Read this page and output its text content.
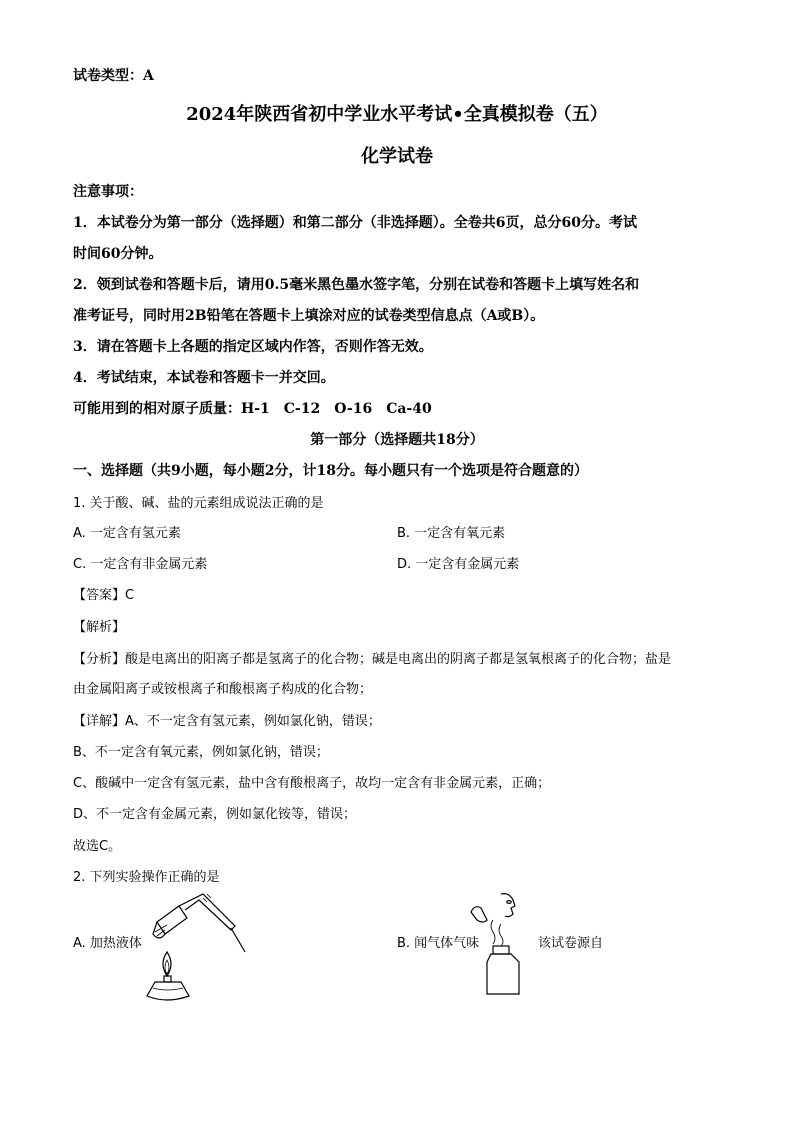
试卷类型：A
2024年陕西省初中学业水平考试•全真模拟卷（五）
化学试卷
注意事项：
1．本试卷分为第一部分（选择题）和第二部分（非选择题）。全卷共6页，总分60分。考试
时间60分钟。
2．领到试卷和答题卡后，请用0.5毫米黑色墨水签字笔，分别在试卷和答题卡上填写姓名和
准考证号，同时用2B铅笔在答题卡上填涂对应的试卷类型信息点（A或B）。
3．请在答题卡上各题的指定区域内作答，否则作答无效。
4．考试结束，本试卷和答题卡一并交回。
可能用到的相对原子质量：H-1　C-12　O-16　Ca-40
第一部分（选择题共18分）
一、选择题（共9小题，每小题2分，计18分。每小题只有一个选项是符合题意的）
1. 关于酸、碱、盐的元素组成说法正确的是
A. 一定含有氢元素	B. 一定含有氧元素
C. 一定含有非金属元素	D. 一定含有金属元素
【答案】C
【解析】
【分析】酸是电离出的阳离子都是氢离子的化合物；碱是电离出的阴离子都是氢氧根离子的化合物；盐是
由金属阳离子或铵根离子和酸根离子构成的化合物；
【详解】A、不一定含有氢元素，例如氯化钠，错误；
B、不一定含有氧元素，例如氯化钠，错误；
C、酸碱中一定含有氢元素，盐中含有酸根离子，故均一定含有非金属元素，正确；
D、不一定含有金属元素，例如氯化铵等，错误；
故选C。
2. 下列实验操作正确的是
A. 加热液体	B. 闻气体气味	该试卷源自
